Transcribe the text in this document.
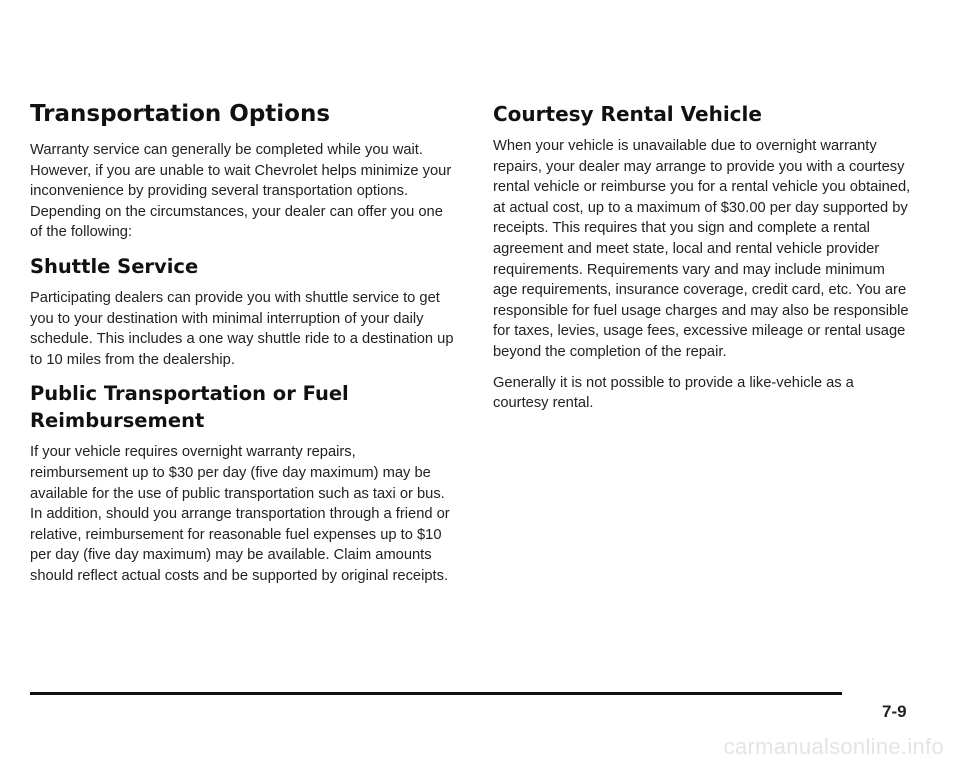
Transportation Options

Warranty service can generally be completed while you wait. However, if you are unable to wait Chevrolet helps minimize your inconvenience by providing several transportation options. Depending on the circumstances, your dealer can offer you one of the following:

Shuttle Service

Participating dealers can provide you with shuttle service to get you to your destination with minimal interruption of your daily schedule. This includes a one way shuttle ride to a destination up to 10 miles from the dealership.

Public Transportation or Fuel Reimbursement

If your vehicle requires overnight warranty repairs, reimbursement up to $30 per day (five day maximum) may be available for the use of public transportation such as taxi or bus. In addition, should you arrange transportation through a friend or relative, reimbursement for reasonable fuel expenses up to $10 per day (five day maximum) may be available. Claim amounts should reflect actual costs and be supported by original receipts.

Courtesy Rental Vehicle

When your vehicle is unavailable due to overnight warranty repairs, your dealer may arrange to provide you with a courtesy rental vehicle or reimburse you for a rental vehicle you obtained, at actual cost, up to a maximum of $30.00 per day supported by receipts. This requires that you sign and complete a rental agreement and meet state, local and rental vehicle provider requirements. Requirements vary and may include minimum age requirements, insurance coverage, credit card, etc. You are responsible for fuel usage charges and may also be responsible for taxes, levies, usage fees, excessive mileage or rental usage beyond the completion of the repair.

Generally it is not possible to provide a like-vehicle as a courtesy rental.

7-9
carmanualsonline.info
